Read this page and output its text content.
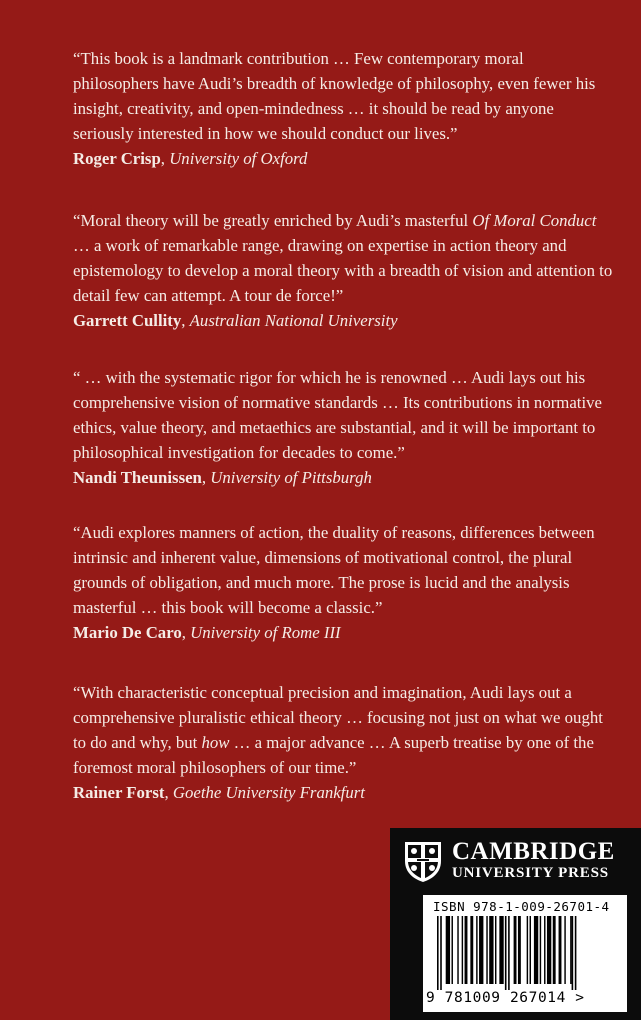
“This book is a landmark contribution … Few contemporary moral philosophers have Audi’s breadth of knowledge of philosophy, even fewer his insight, creativity, and open-mindedness … it should be read by anyone seriously interested in how we should conduct our lives.”

Roger Crisp, University of Oxford

“Moral theory will be greatly enriched by Audi’s masterful Of Moral Conduct … a work of remarkable range, drawing on expertise in action theory and epistemology to develop a moral theory with a breadth of vision and attention to detail few can attempt. A tour de force!”

Garrett Cullity, Australian National University

“ … with the systematic rigor for which he is renowned … Audi lays out his comprehensive vision of normative standards … Its contributions in normative ethics, value theory, and metaethics are substantial, and it will be important to philosophical investigation for decades to come.”

Nandi Theunissen, University of Pittsburgh

“Audi explores manners of action, the duality of reasons, differences between intrinsic and inherent value, dimensions of motivational control, the plural grounds of obligation, and much more. The prose is lucid and the analysis masterful … this book will become a classic.”

Mario De Caro, University of Rome III

“With characteristic conceptual precision and imagination, Audi lays out a comprehensive pluralistic ethical theory … focusing not just on what we ought to do and why, but how … a major advance … A superb treatise by one of the foremost moral philosophers of our time.”

Rainer Forst, Goethe University Frankfurt

CAMBRIDGE
UNIVERSITY PRESS
ISBN 978-1-009-26701-4
9 781009 267014 >
